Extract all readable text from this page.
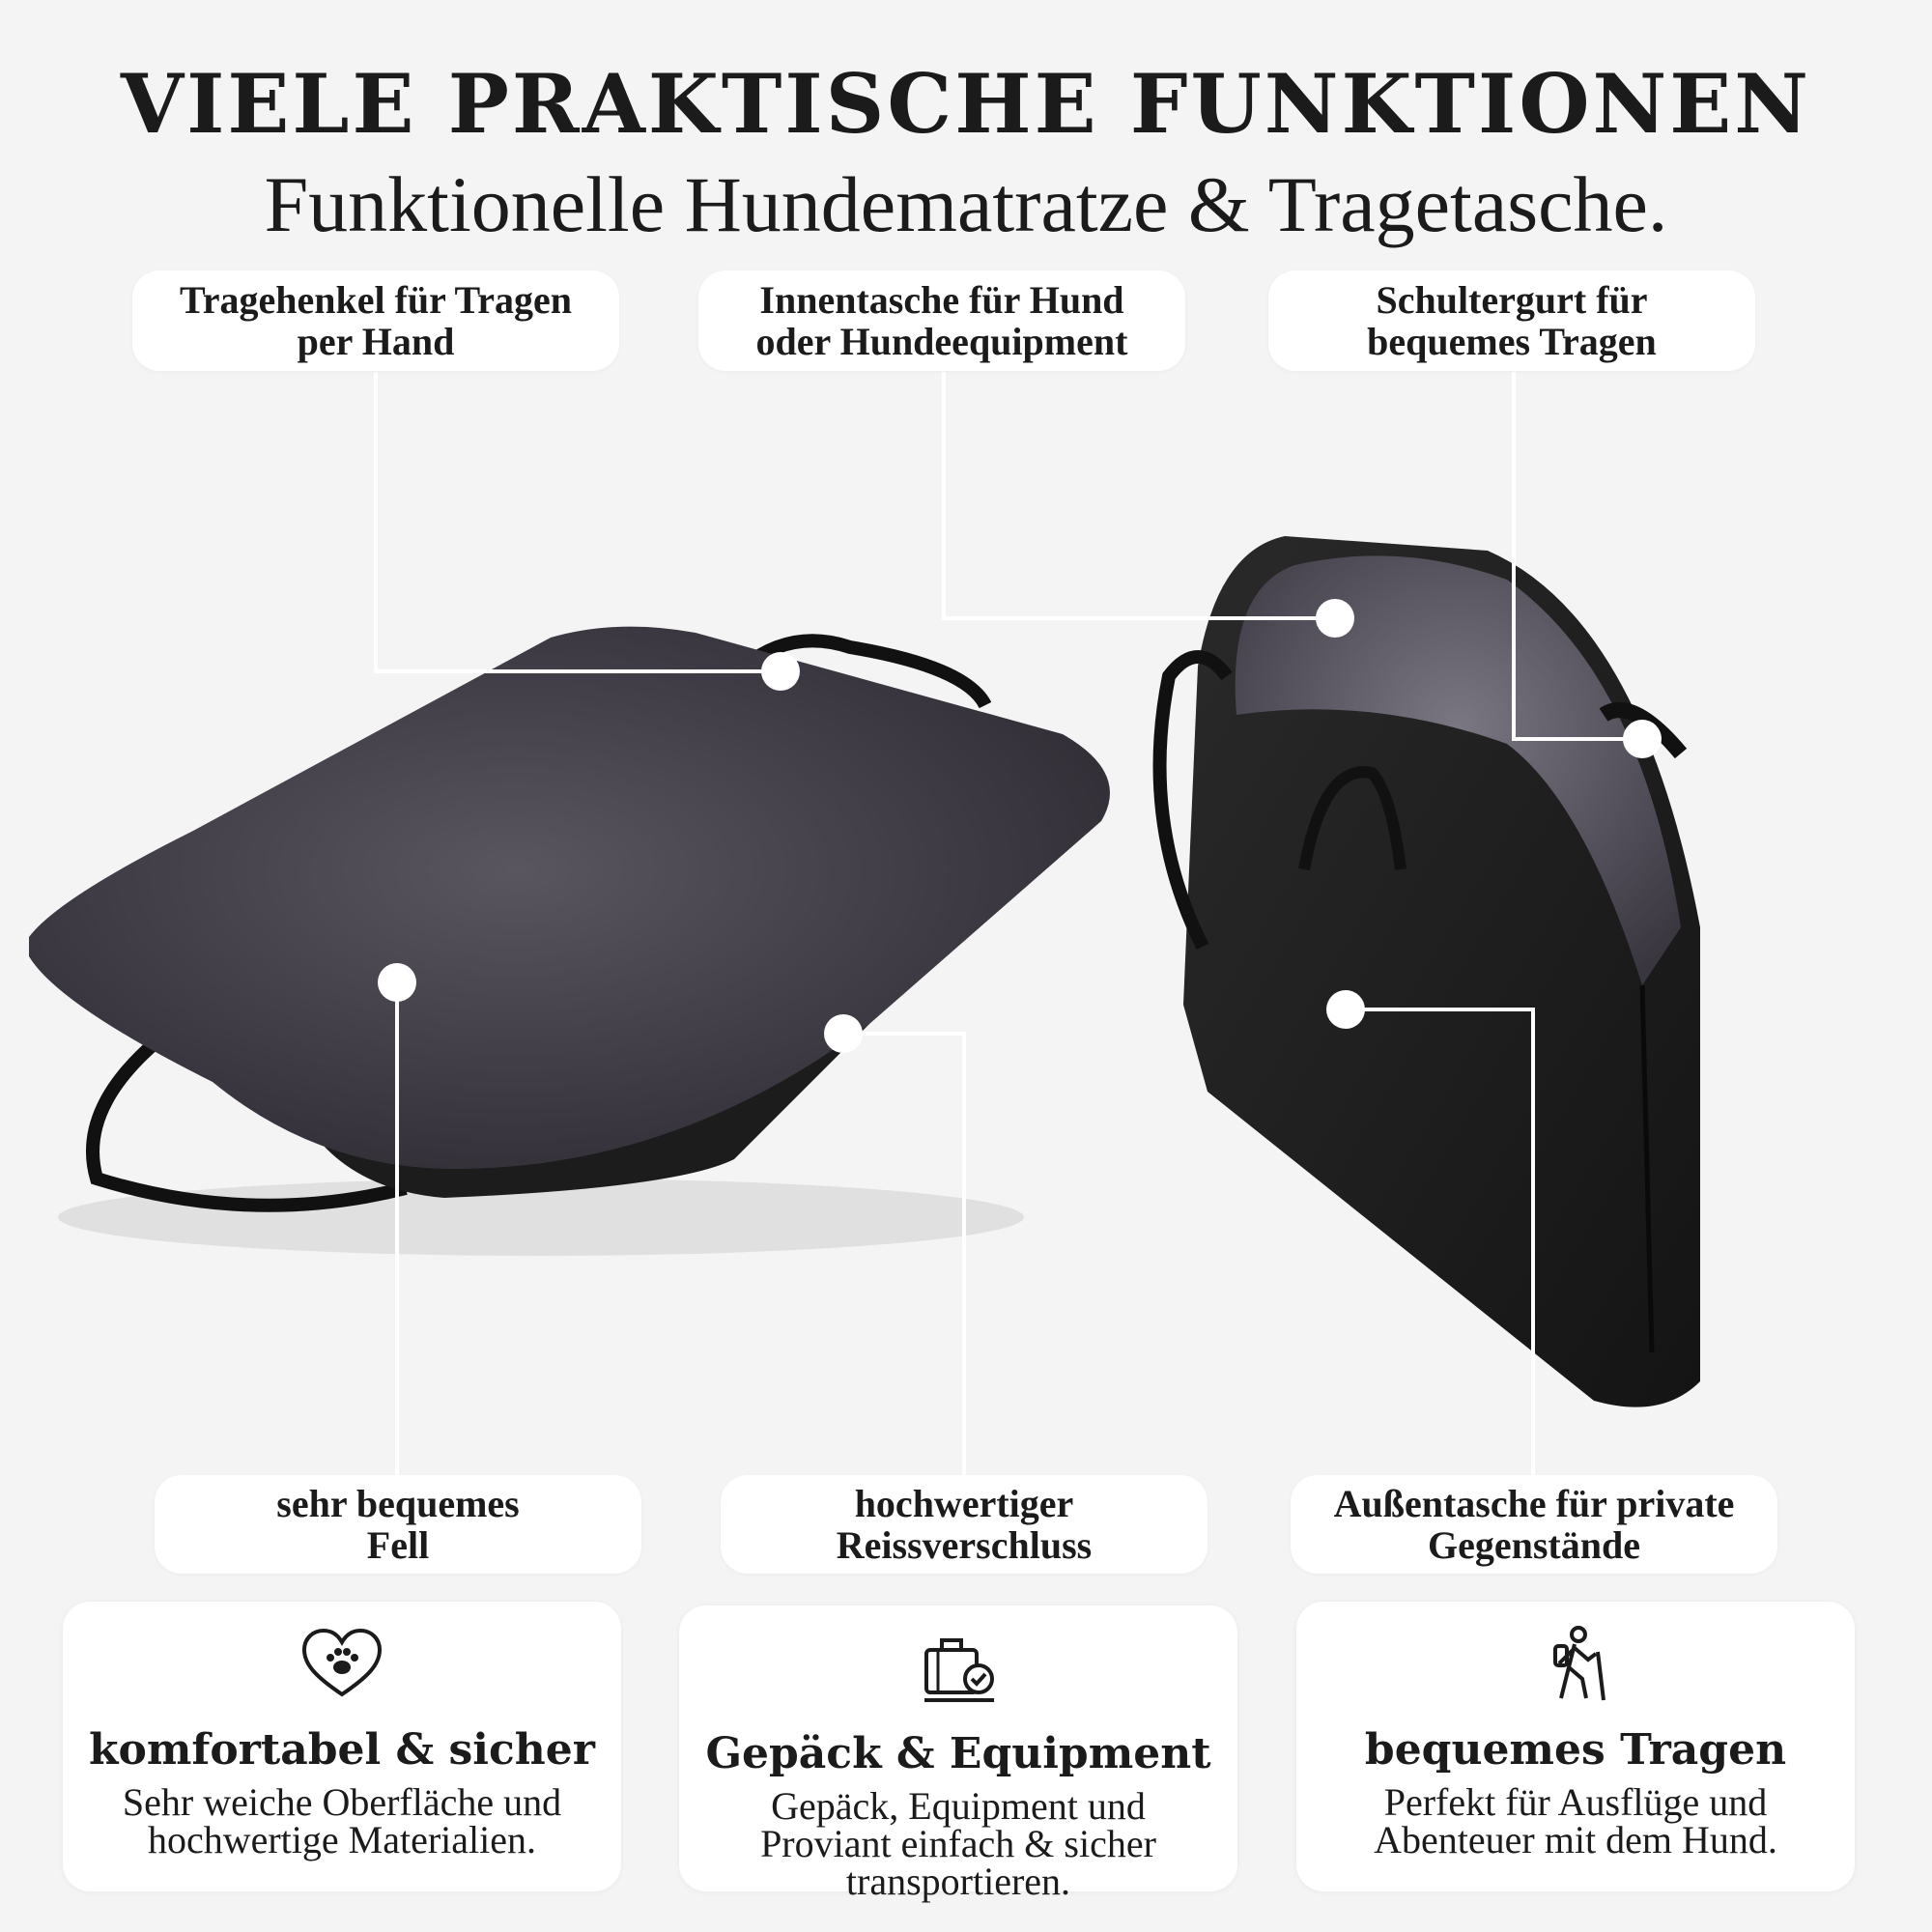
VIELE PRAKTISCHE FUNKTIONEN
Funktionelle Hundematratze & Tragetasche.
Tragehenkel für Tragen
per Hand
Innentasche für Hund
oder Hundeequipment
Schultergurt für
bequemes Tragen
sehr bequemes
Fell
hochwertiger
Reissverschluss
Außentasche für private
Gegenstände
komfortabel & sicher
Sehr weiche Oberfläche und
hochwertige Materialien.
Gepäck & Equipment
Gepäck, Equipment und
Proviant einfach & sicher
transportieren.
bequemes Tragen
Perfekt für Ausflüge und
Abenteuer mit dem Hund.
